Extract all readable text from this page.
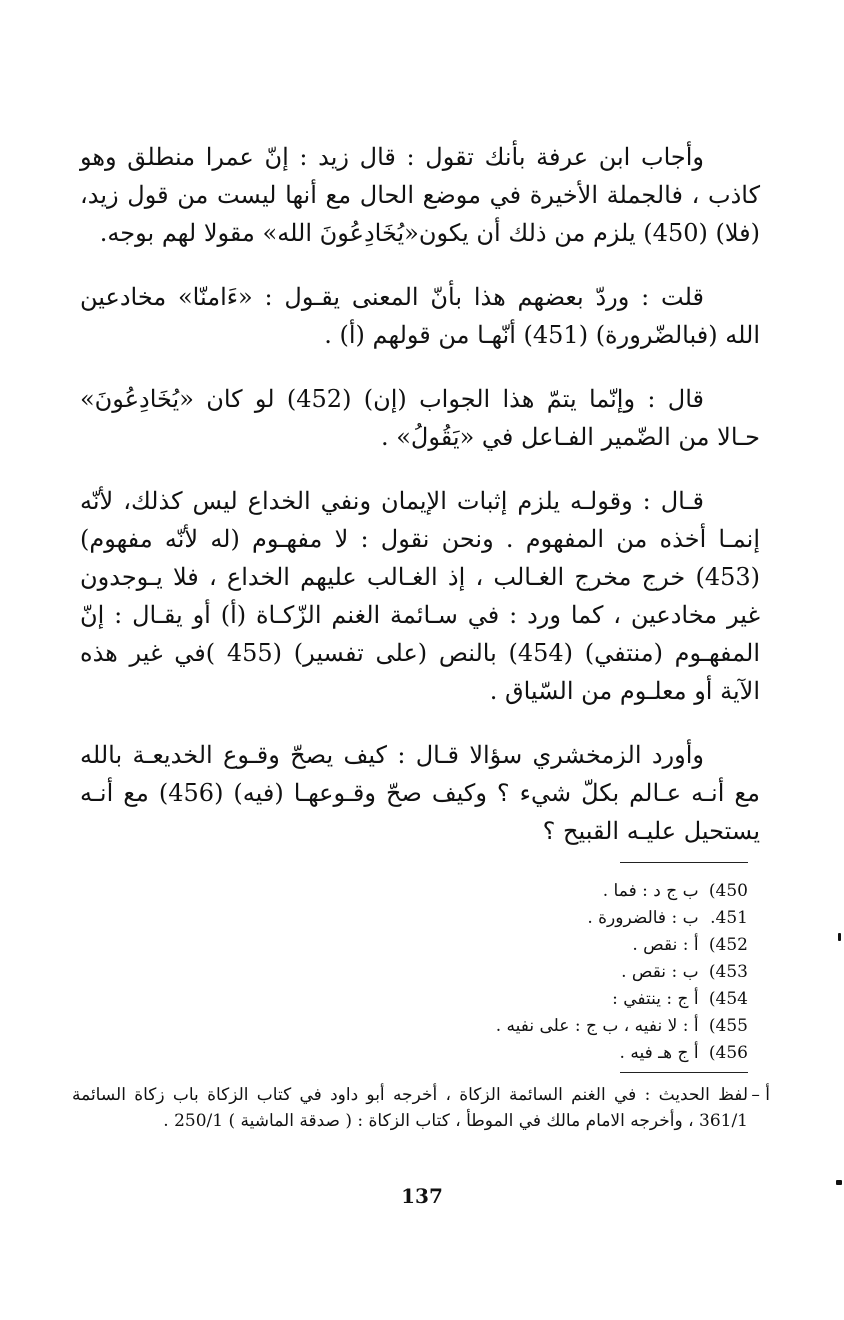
وأجاب ابن عرفة بأنك تقول : قال زيد : إنّ عمرا منطلق وهو كاذب ، فالجملة الأخيرة في موضع الحال مع أنها ليست من قول زيد،(فلا) (450) يلزم من ذلك أن يكون«يُخَادِعُونَ الله» مقولا لهم بوجه.

قلت : وردّ بعضهم هذا بأنّ المعنى يقـول : «ءَامنّا» مخادعين الله (فبالضّرورة) (451) أنّهـا من قولهم (أ) .

قال : وإنّما يتمّ هذا الجواب (إن) (452) لو كان «يُخَادِعُونَ» حـالا من الضّمير الفـاعل في «يَقُولُ» .

قـال : وقولـه يلزم إثبات الإيمان ونفي الخداع ليس كذلك، لأنّه إنمـا أخذه من المفهوم . ونحن نقول : لا مفهـوم (له لأنّه مفهوم) (453) خرج مخرج الغـالب ، إذ الغـالب عليهم الخداع ، فلا يـوجدون غير مخادعين ، كما ورد : في سـائمة الغنم الزّكـاة (أ) أو يقـال : إنّ المفهـوم (منتفي) (454) بالنص (على تفسير) (455 )في غير هذه الآية أو معلـوم من السّياق .

وأورد الزمخشري سؤالا قـال : كيف يصحّ وقـوع الخديعـة بالله مع أنـه عـالم بكلّ شيء ؟ وكيف صحّ وقـوعهـا (فيه) (456) مع أنـه يستحيل عليـه القبيح ؟

450) ب ج د : فما .
451. ب : فالضرورة .
452) أ : نقص .
453) ب : نقص .
454) أ ج : ينتفي :
455) أ : لا نفيه ، ب ج : على نفيه .
456) أ ج هـ فيه .
أ –
لفظ الحديث : في الغنم السائمة الزكاة ، أخرجه أبو داود في كتاب الزكاة باب زكاة السائمة 361/1 ، وأخرجه الامام مالك في الموطأ ، كتاب الزكاة : ( صدقة الماشية ) 250/1 .
137
